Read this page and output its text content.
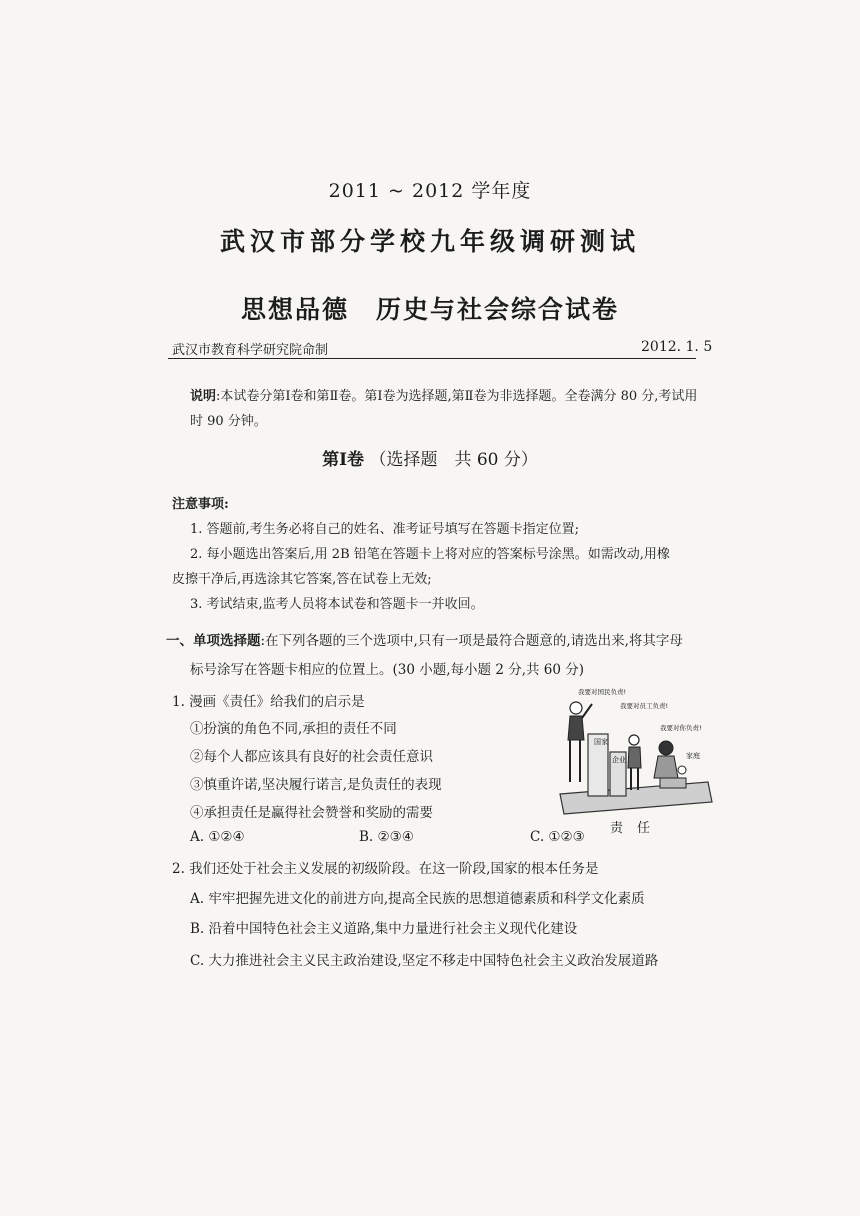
2011 ~ 2012 学年度
武汉市部分学校九年级调研测试
思想品德　历史与社会综合试卷
武汉市教育科学研究院命制	2012. 1. 5
说明:本试卷分第Ⅰ卷和第Ⅱ卷。第Ⅰ卷为选择题,第Ⅱ卷为非选择题。全卷满分 80 分,考试用时 90 分钟。
第Ⅰ卷 （选择题　共 60 分）
注意事项:
1. 答题前,考生务必将自己的姓名、准考证号填写在答题卡指定位置;
2. 每小题选出答案后,用 2B 铅笔在答题卡上将对应的答案标号涂黑。如需改动,用橡
皮擦干净后,再选涂其它答案,答在试卷上无效;
3. 考试结束,监考人员将本试卷和答题卡一并收回。
一、单项选择题:在下列各题的三个选项中,只有一项是最符合题意的,请选出来,将其字母
标号涂写在答题卡相应的位置上。(30 小题,每小题 2 分,共 60 分)
1. 漫画《责任》给我们的启示是
①扮演的角色不同,承担的责任不同
②每个人都应该具有良好的社会责任意识
③慎重许诺,坚决履行诺言,是负责任的表现
④承担责任是赢得社会赞誉和奖励的需要
A. ①②④	B. ②③④	C. ①②③
我要对国民负责!
我要对员工负责!
我要对你负责!
国家
企业	家庭
责任
2. 我们还处于社会主义发展的初级阶段。在这一阶段,国家的根本任务是
A. 牢牢把握先进文化的前进方向,提高全民族的思想道德素质和科学文化素质
B. 沿着中国特色社会主义道路,集中力量进行社会主义现代化建设
C. 大力推进社会主义民主政治建设,坚定不移走中国特色社会主义政治发展道路
